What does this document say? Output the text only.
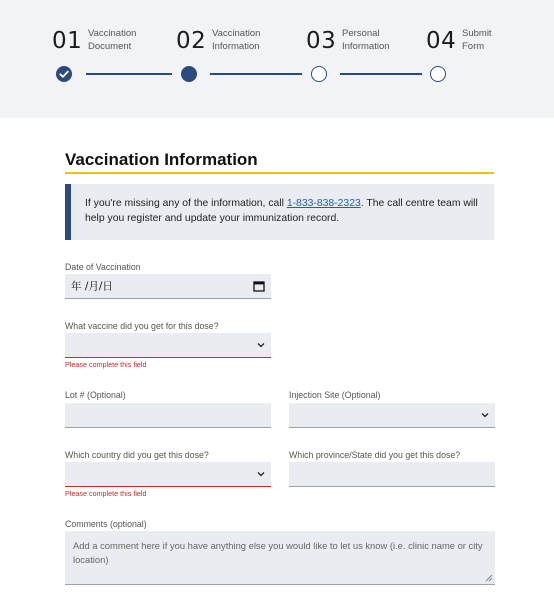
01 Vaccination
Document 02 Vaccination
Information 03 Personal
Information 04 Submit
Form
Vaccination Information
If you're missing any of the information, call 1-833-838-2323. The call centre team will help you register and update your immunization record.
Date of Vaccination
年 /月/日
What vaccine did you get for this dose?
Please complete this field
Lot # (Optional)	Injection Site (Optional)
Which country did you get this dose?
Please complete this field
Which province/State did you get this dose?
Comments (optional)
Add a comment here if you have anything else you would like to let us know (i.e. clinic name or city location)
